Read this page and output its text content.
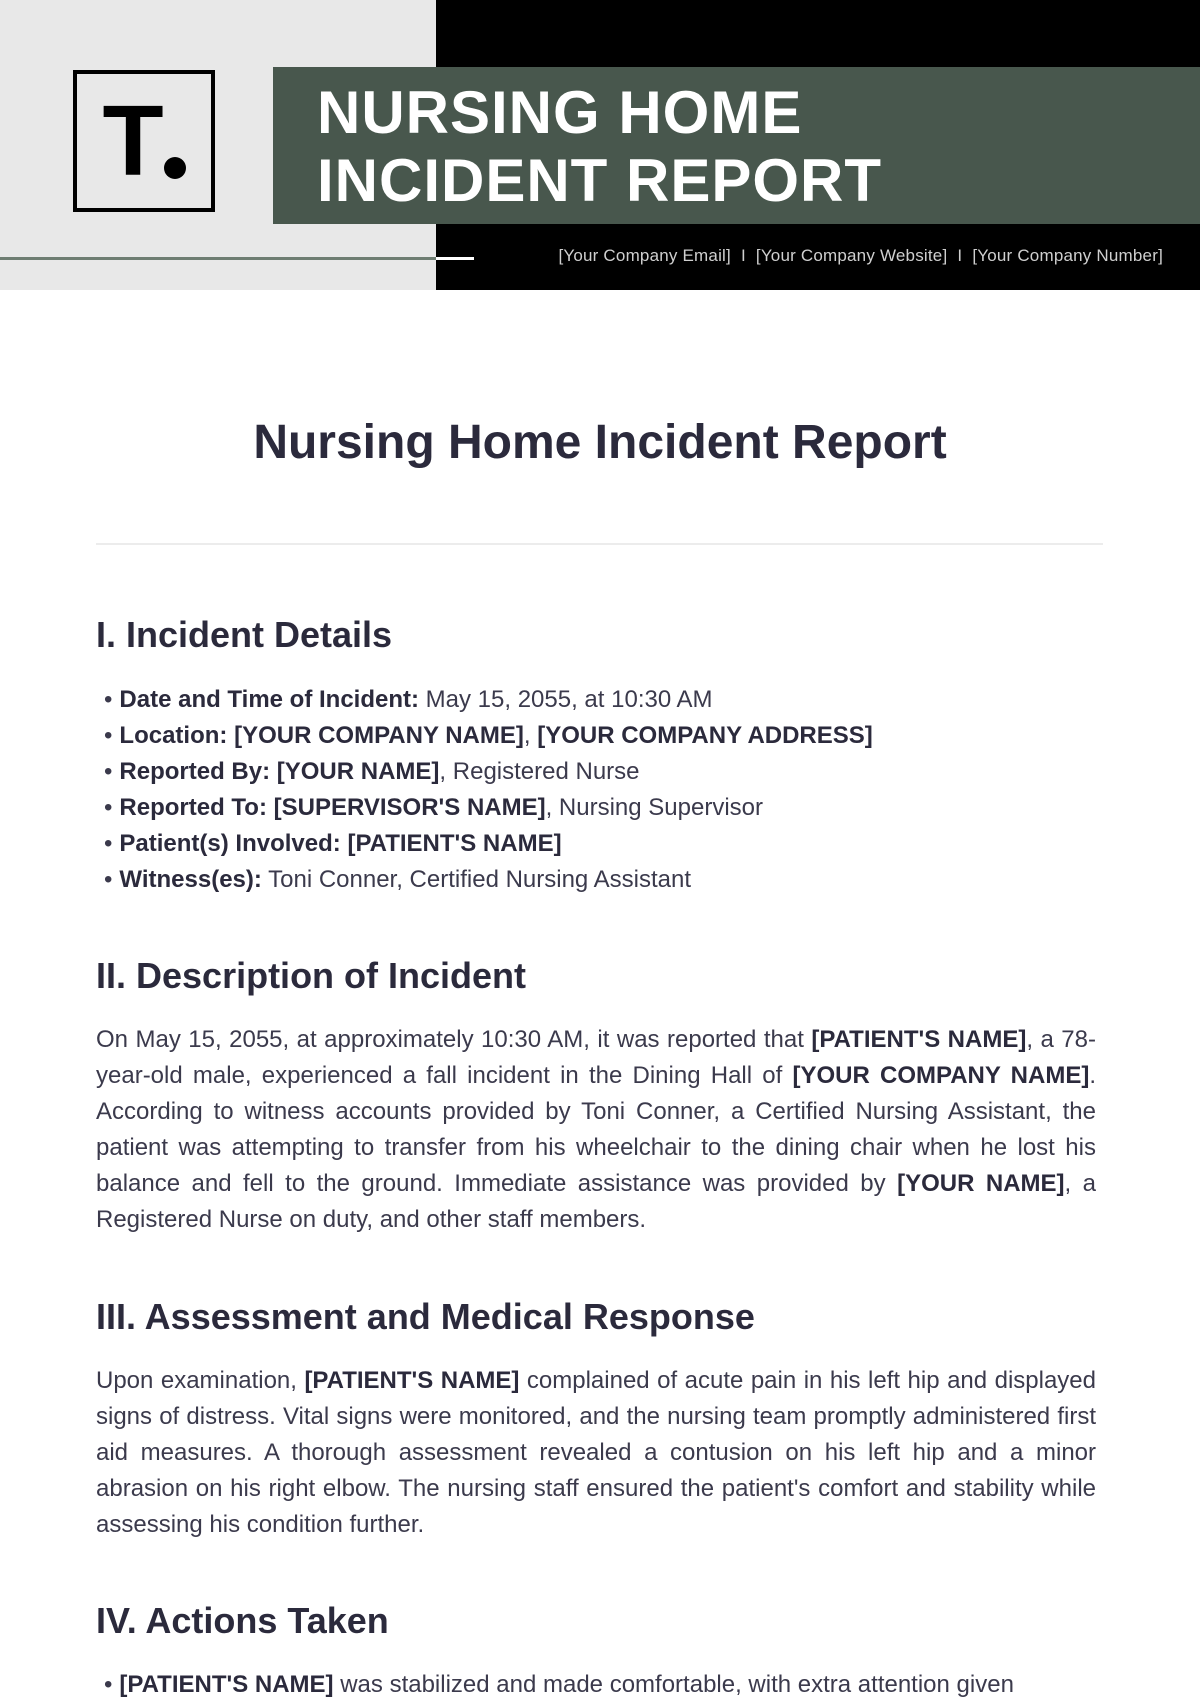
T	NURSING HOME
INCIDENT REPORT
[Your Company Email] I [Your Company Website] I [Your Company Number]
Nursing Home Incident Report
I. Incident Details
• Date and Time of Incident: May 15, 2055, at 10:30 AM
• Location: [YOUR COMPANY NAME], [YOUR COMPANY ADDRESS]
• Reported By: [YOUR NAME], Registered Nurse
• Reported To: [SUPERVISOR'S NAME], Nursing Supervisor
• Patient(s) Involved: [PATIENT'S NAME]
• Witness(es): Toni Conner, Certified Nursing Assistant
II. Description of Incident

On May 15, 2055, at approximately 10:30 AM, it was reported that [PATIENT'S NAME], a 78-year-old male, experienced a fall incident in the Dining Hall of [YOUR COMPANY NAME]. According to witness accounts provided by Toni Conner, a Certified Nursing Assistant, the patient was attempting to transfer from his wheelchair to the dining chair when he lost his balance and fell to the ground. Immediate assistance was provided by [YOUR NAME], a Registered Nurse on duty, and other staff members.

III. Assessment and Medical Response

Upon examination, [PATIENT'S NAME] complained of acute pain in his left hip and displayed signs of distress. Vital signs were monitored, and the nursing team promptly administered first aid measures. A thorough assessment revealed a contusion on his left hip and a minor abrasion on his right elbow. The nursing staff ensured the patient's comfort and stability while assessing his condition further.

IV. Actions Taken
• [PATIENT'S NAME] was stabilized and made comfortable, with extra attention given
